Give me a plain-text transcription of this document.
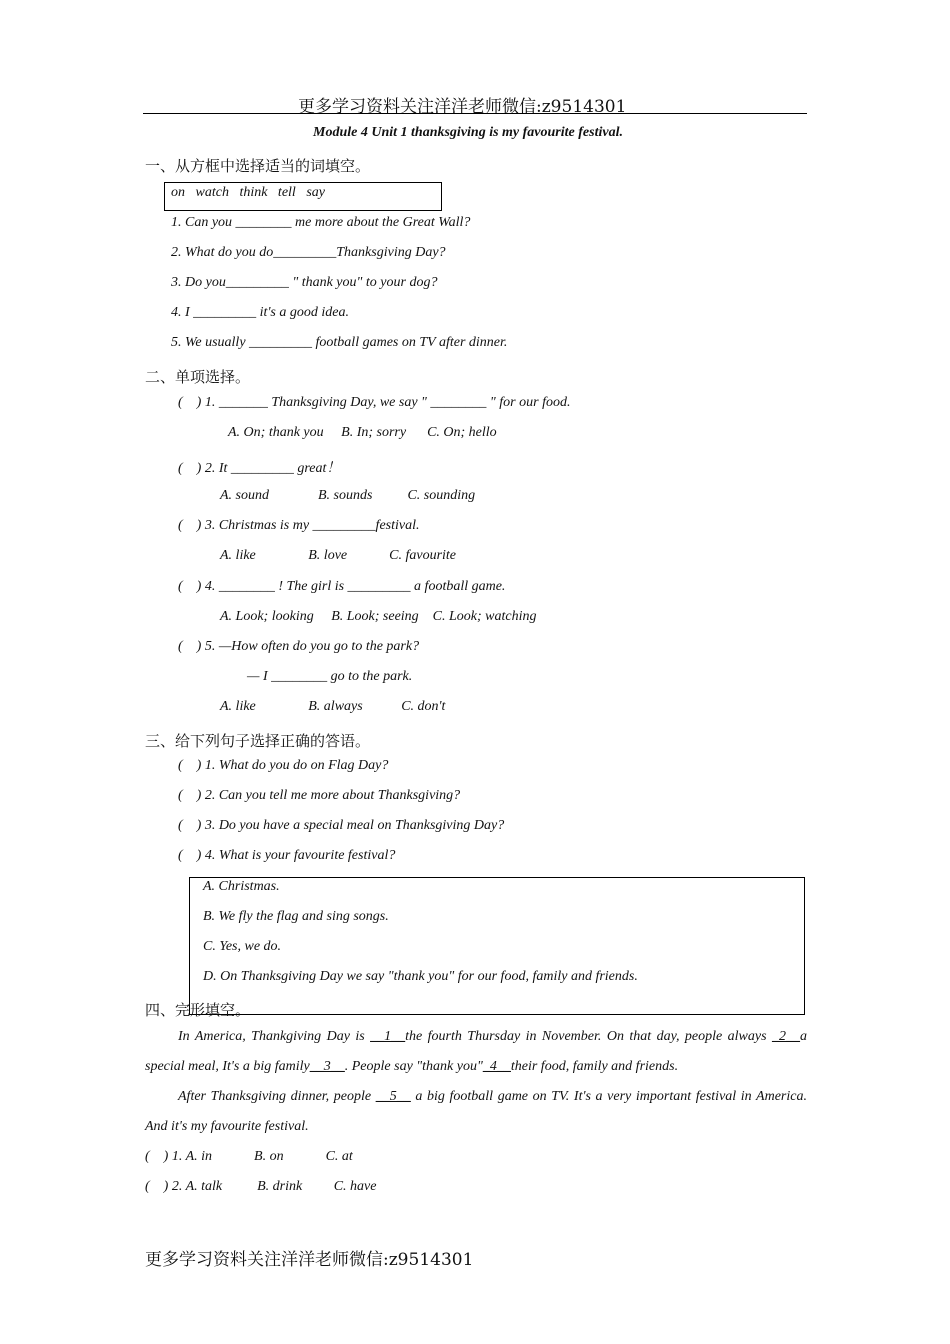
更多学习资料关注洋洋老师微信:z9514301
Module 4 Unit 1 thanksgiving is my favourite festival.
一、从方框中选择适当的词填空。
on   watch   think   tell   say
1. Can you ________ me more about the Great Wall?
2. What do you do_________Thanksgiving Day?
3. Do you_________ " thank you" to your dog?
4. I _________ it's a good idea.
5. We usually _________ football games on TV after dinner.
二、单项选择。
(    ) 1. _______ Thanksgiving Day, we say " ________ " for our food.
A. On; thank you     B. In; sorry      C. On; hello
(    ) 2. It _________ great！
A. sound              B. sounds          C. sounding
(    ) 3. Christmas is my _________festival.
A. like               B. love            C. favourite
(    ) 4. ________ ! The girl is _________ a football game.
A. Look; looking     B. Look; seeing    C. Look; watching
(    ) 5. —How often do you go to the park?
— I ________ go to the park.
A. like               B. always           C. don't
三、给下列句子选择正确的答语。
(    ) 1. What do you do on Flag Day?
(    ) 2. Can you tell me more about Thanksgiving?
(    ) 3. Do you have a special meal on Thanksgiving Day?
(    ) 4. What is your favourite festival?
A. Christmas.
B. We fly the flag and sing songs.
C. Yes, we do.
D. On Thanksgiving Day we say "thank you" for our food, family and friends.
四、完形填空。

In America, Thankgiving Day is __1__the fourth Thursday in November. On that day, people always _2__a special meal, It's a big family__3__. People say "thank you"_4__their food, family and friends.

After Thanksgiving dinner, people __5__ a big football game on TV. It's a very important festival in America. And it's my favourite festival.

(    ) 1. A. in            B. on            C. at
(    ) 2. A. talk          B. drink         C. have
更多学习资料关注洋洋老师微信:z9514301
